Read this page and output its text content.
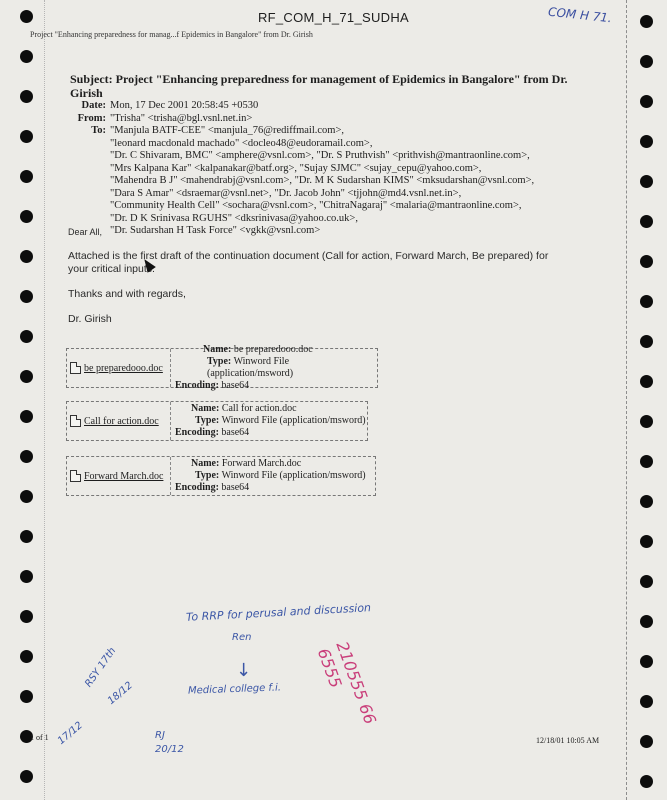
RF_COM_H_71_SUDHA
Project "Enhancing preparedness for manag...f Epidemics in Bangalore" from Dr. Girish
COM H 71.
Subject: Project "Enhancing preparedness for management of Epidemics in Bangalore" from Dr. Girish
Date: Mon, 17 Dec 2001 20:58:45 +0530
From: "Trisha" <trisha@bgl.vsnl.net.in>
To: "Manjula BATF-CEE" <manjula_76@rediffmail.com>,
"leonard macdonald machado" <docleo48@eudoramail.com>,
"Dr. C Shivaram, BMC" <amphere@vsnl.com>, "Dr. S Pruthvish" <prithvish@mantraonline.com>,
"Mrs Kalpana Kar" <kalpanakar@batf.org>, "Sujay SJMC" <sujay_cepu@yahoo.com>,
"Mahendra B J" <mahendrabj@vsnl.com>, "Dr. M K Sudarshan KIMS" <mksudarshan@vsnl.com>,
"Dara S Amar" <dsraemar@vsnl.net>, "Dr. Jacob John" <tjjohn@md4.vsnl.net.in>,
"Community Health Cell" <sochara@vsnl.com>, "ChitraNagaraj" <malaria@mantraonline.com>,
"Dr. D K Srinivasa RGUHS" <dksrinivasa@yahoo.co.uk>,
"Dr. Sudarshan H Task Force" <vgkk@vsnl.com>
Dear All,
Attached is the first draft of the continuation document (Call for action, Forward March, Be prepared) for
your critical inputs.
Thanks and with regards,
Dr. Girish
be preparedooo.doc
Name: be preparedooo.doc
Type: Winword File (application/msword)
Encoding: base64
Call for action.doc
Name: Call for action.doc
Type: Winword File (application/msword)
Encoding: base64
Forward March.doc
Name: Forward March.doc
Type: Winword File (application/msword)
Encoding: base64
To RRP for perusal and discussion
Ren
↓
Medical college f.i.
RSY 17th
18/12
17/12	RJ
20/12
210555 666555
1 of 1	12/18/01 10:05 AM
